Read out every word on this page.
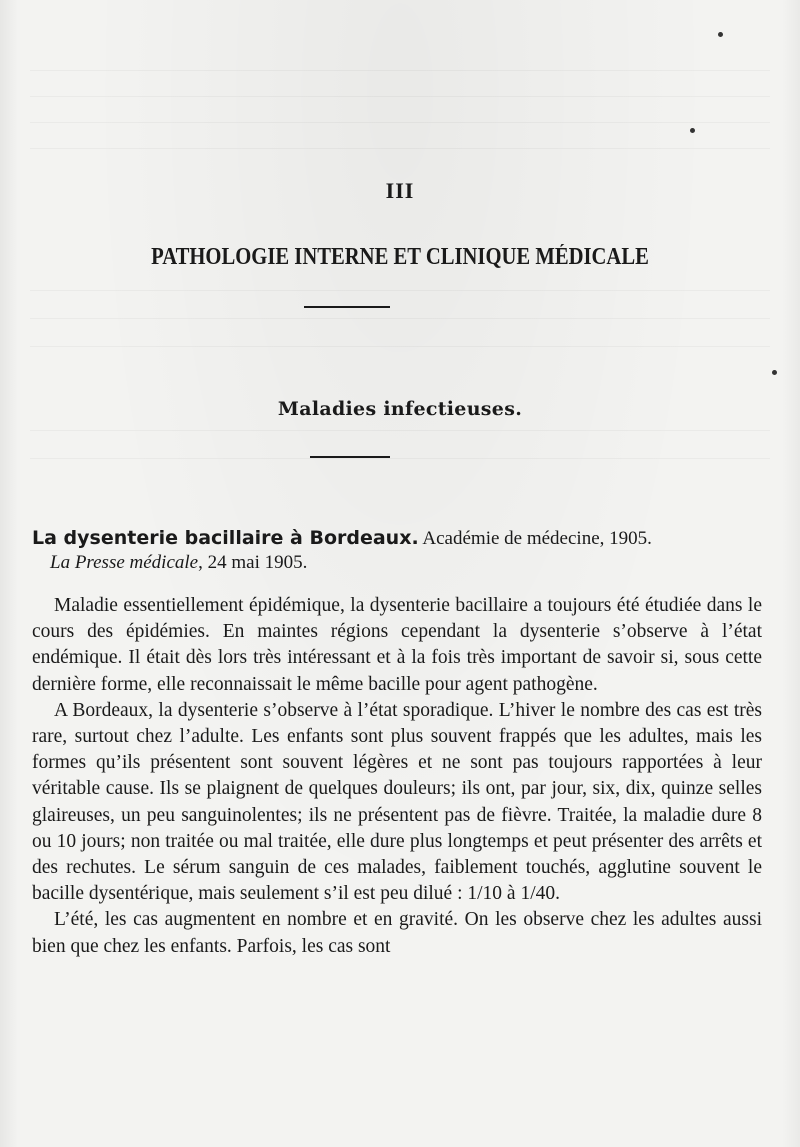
III
PATHOLOGIE INTERNE ET CLINIQUE MÉDICALE
Maladies infectieuses.
La dysenterie bacillaire à Bordeaux. Académie de médecine, 1905.
La Presse médicale, 24 mai 1905.

Maladie essentiellement épidémique, la dysenterie bacillaire a toujours été étudiée dans le cours des épidémies. En maintes régions cependant la dysenterie s’observe à l’état endémique. Il était dès lors très intéressant et à la fois très important de savoir si, sous cette dernière forme, elle reconnaissait le même bacille pour agent pathogène.

A Bordeaux, la dysenterie s’observe à l’état sporadique. L’hiver le nombre des cas est très rare, surtout chez l’adulte. Les enfants sont plus souvent frappés que les adultes, mais les formes qu’ils présentent sont souvent légères et ne sont pas toujours rapportées à leur véritable cause. Ils se plaignent de quelques douleurs; ils ont, par jour, six, dix, quinze selles glaireuses, un peu sanguinolentes; ils ne présentent pas de fièvre. Traitée, la maladie dure 8 ou 10 jours; non traitée ou mal traitée, elle dure plus longtemps et peut présenter des arrêts et des rechutes. Le sérum sanguin de ces malades, faiblement touchés, agglutine souvent le bacille dysentérique, mais seulement s’il est peu dilué : 1/10 à 1/40.

L’été, les cas augmentent en nombre et en gravité. On les observe chez les adultes aussi bien que chez les enfants. Parfois, les cas sont
